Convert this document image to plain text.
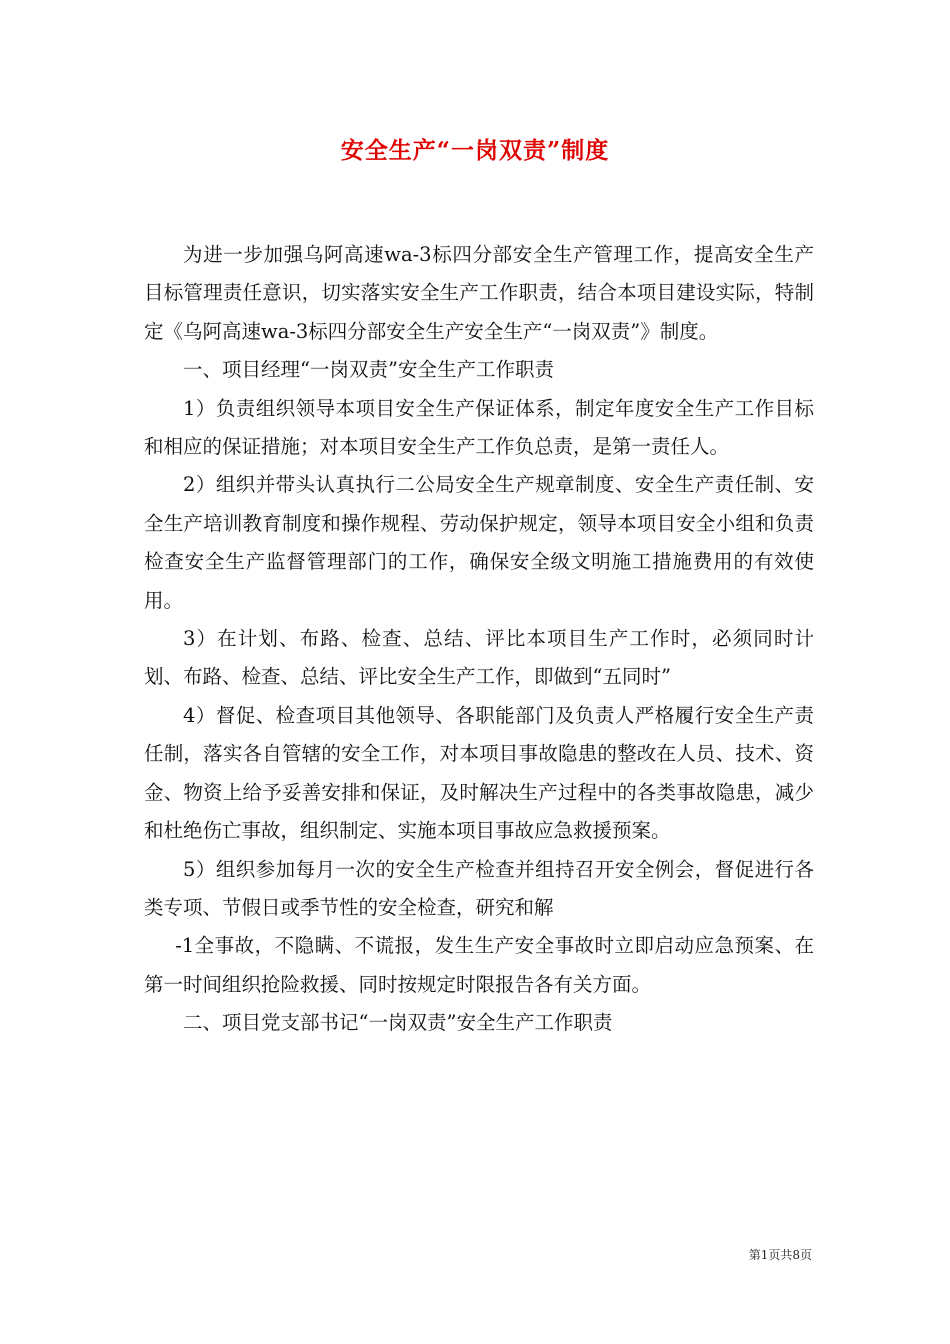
安全生产“一岗双责”制度

为进一步加强乌阿高速wa-3标四分部安全生产管理工作，提高安全生产目标管理责任意识，切实落实安全生产工作职责，结合本项目建设实际，特制定《乌阿高速wa-3标四分部安全生产安全生产“一岗双责”》制度。

一、项目经理“一岗双责”安全生产工作职责

1）负责组织领导本项目安全生产保证体系，制定年度安全生产工作目标和相应的保证措施；对本项目安全生产工作负总责，是第一责任人。

2）组织并带头认真执行二公局安全生产规章制度、安全生产责任制、安全生产培训教育制度和操作规程、劳动保护规定，领导本项目安全小组和负责检查安全生产监督管理部门的工作，确保安全级文明施工措施费用的有效使用。

3）在计划、布路、检查、总结、评比本项目生产工作时，必须同时计划、布路、检查、总结、评比安全生产工作，即做到“五同时”

4）督促、检查项目其他领导、各职能部门及负责人严格履行安全生产责任制，落实各自管辖的安全工作，对本项目事故隐患的整改在人员、技术、资金、物资上给予妥善安排和保证，及时解决生产过程中的各类事故隐患，减少和杜绝伤亡事故，组织制定、实施本项目事故应急救援预案。

5）组织参加每月一次的安全生产检查并组持召开安全例会，督促进行各类专项、节假日或季节性的安全检查，研究和解

-1全事故，不隐瞒、不谎报，发生生产安全事故时立即启动应急预案、在第一时间组织抢险救援、同时按规定时限报告各有关方面。

二、项目党支部书记“一岗双责”安全生产工作职责

第1页共8页
